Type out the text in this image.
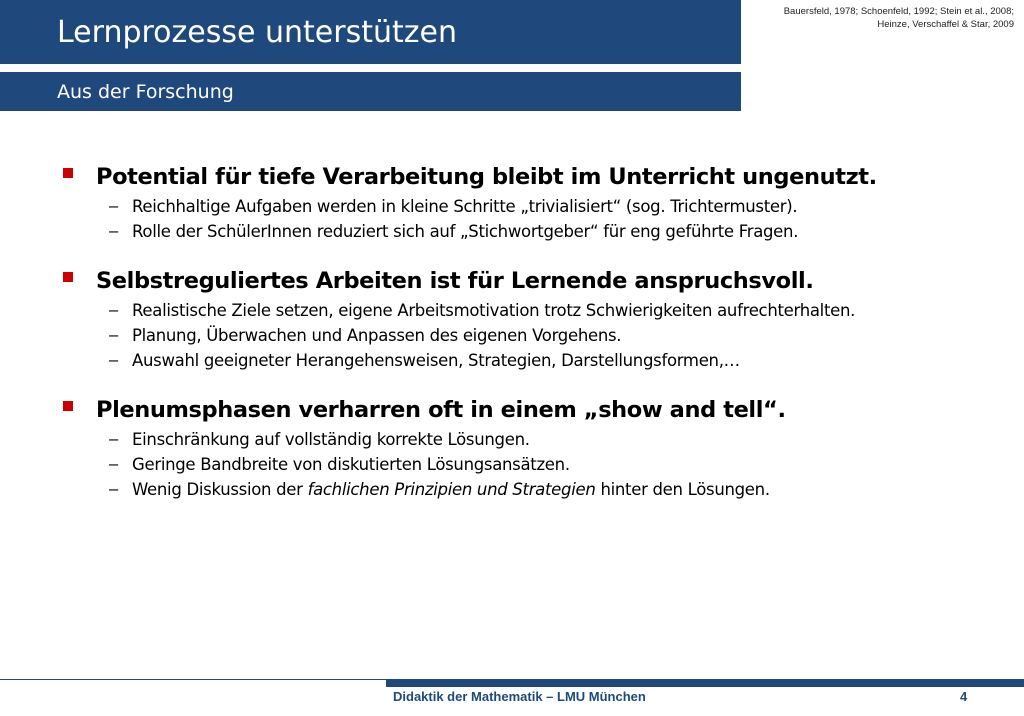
Lernprozesse unterstützen
Bauersfeld, 1978; Schoenfeld, 1992; Stein et al., 2008;
Heinze, Verschaffel & Star, 2009
Aus der Forschung
Potential für tiefe Verarbeitung bleibt im Unterricht ungenutzt.
– Reichhaltige Aufgaben werden in kleine Schritte „trivialisiert“ (sog. Trichtermuster).
– Rolle der SchülerInnen reduziert sich auf „Stichwortgeber“ für eng geführte Fragen.
Selbstreguliertes Arbeiten ist für Lernende anspruchsvoll.
– Realistische Ziele setzen, eigene Arbeitsmotivation trotz Schwierigkeiten aufrechterhalten.
– Planung, Überwachen und Anpassen des eigenen Vorgehens.
– Auswahl geeigneter Herangehensweisen, Strategien, Darstellungsformen,…
Plenumsphasen verharren oft in einem „show and tell“.
– Einschränkung auf vollständig korrekte Lösungen.
– Geringe Bandbreite von diskutierten Lösungsansätzen.
– Wenig Diskussion der fachlichen Prinzipien und Strategien hinter den Lösungen.
Didaktik der Mathematik – LMU München	4
